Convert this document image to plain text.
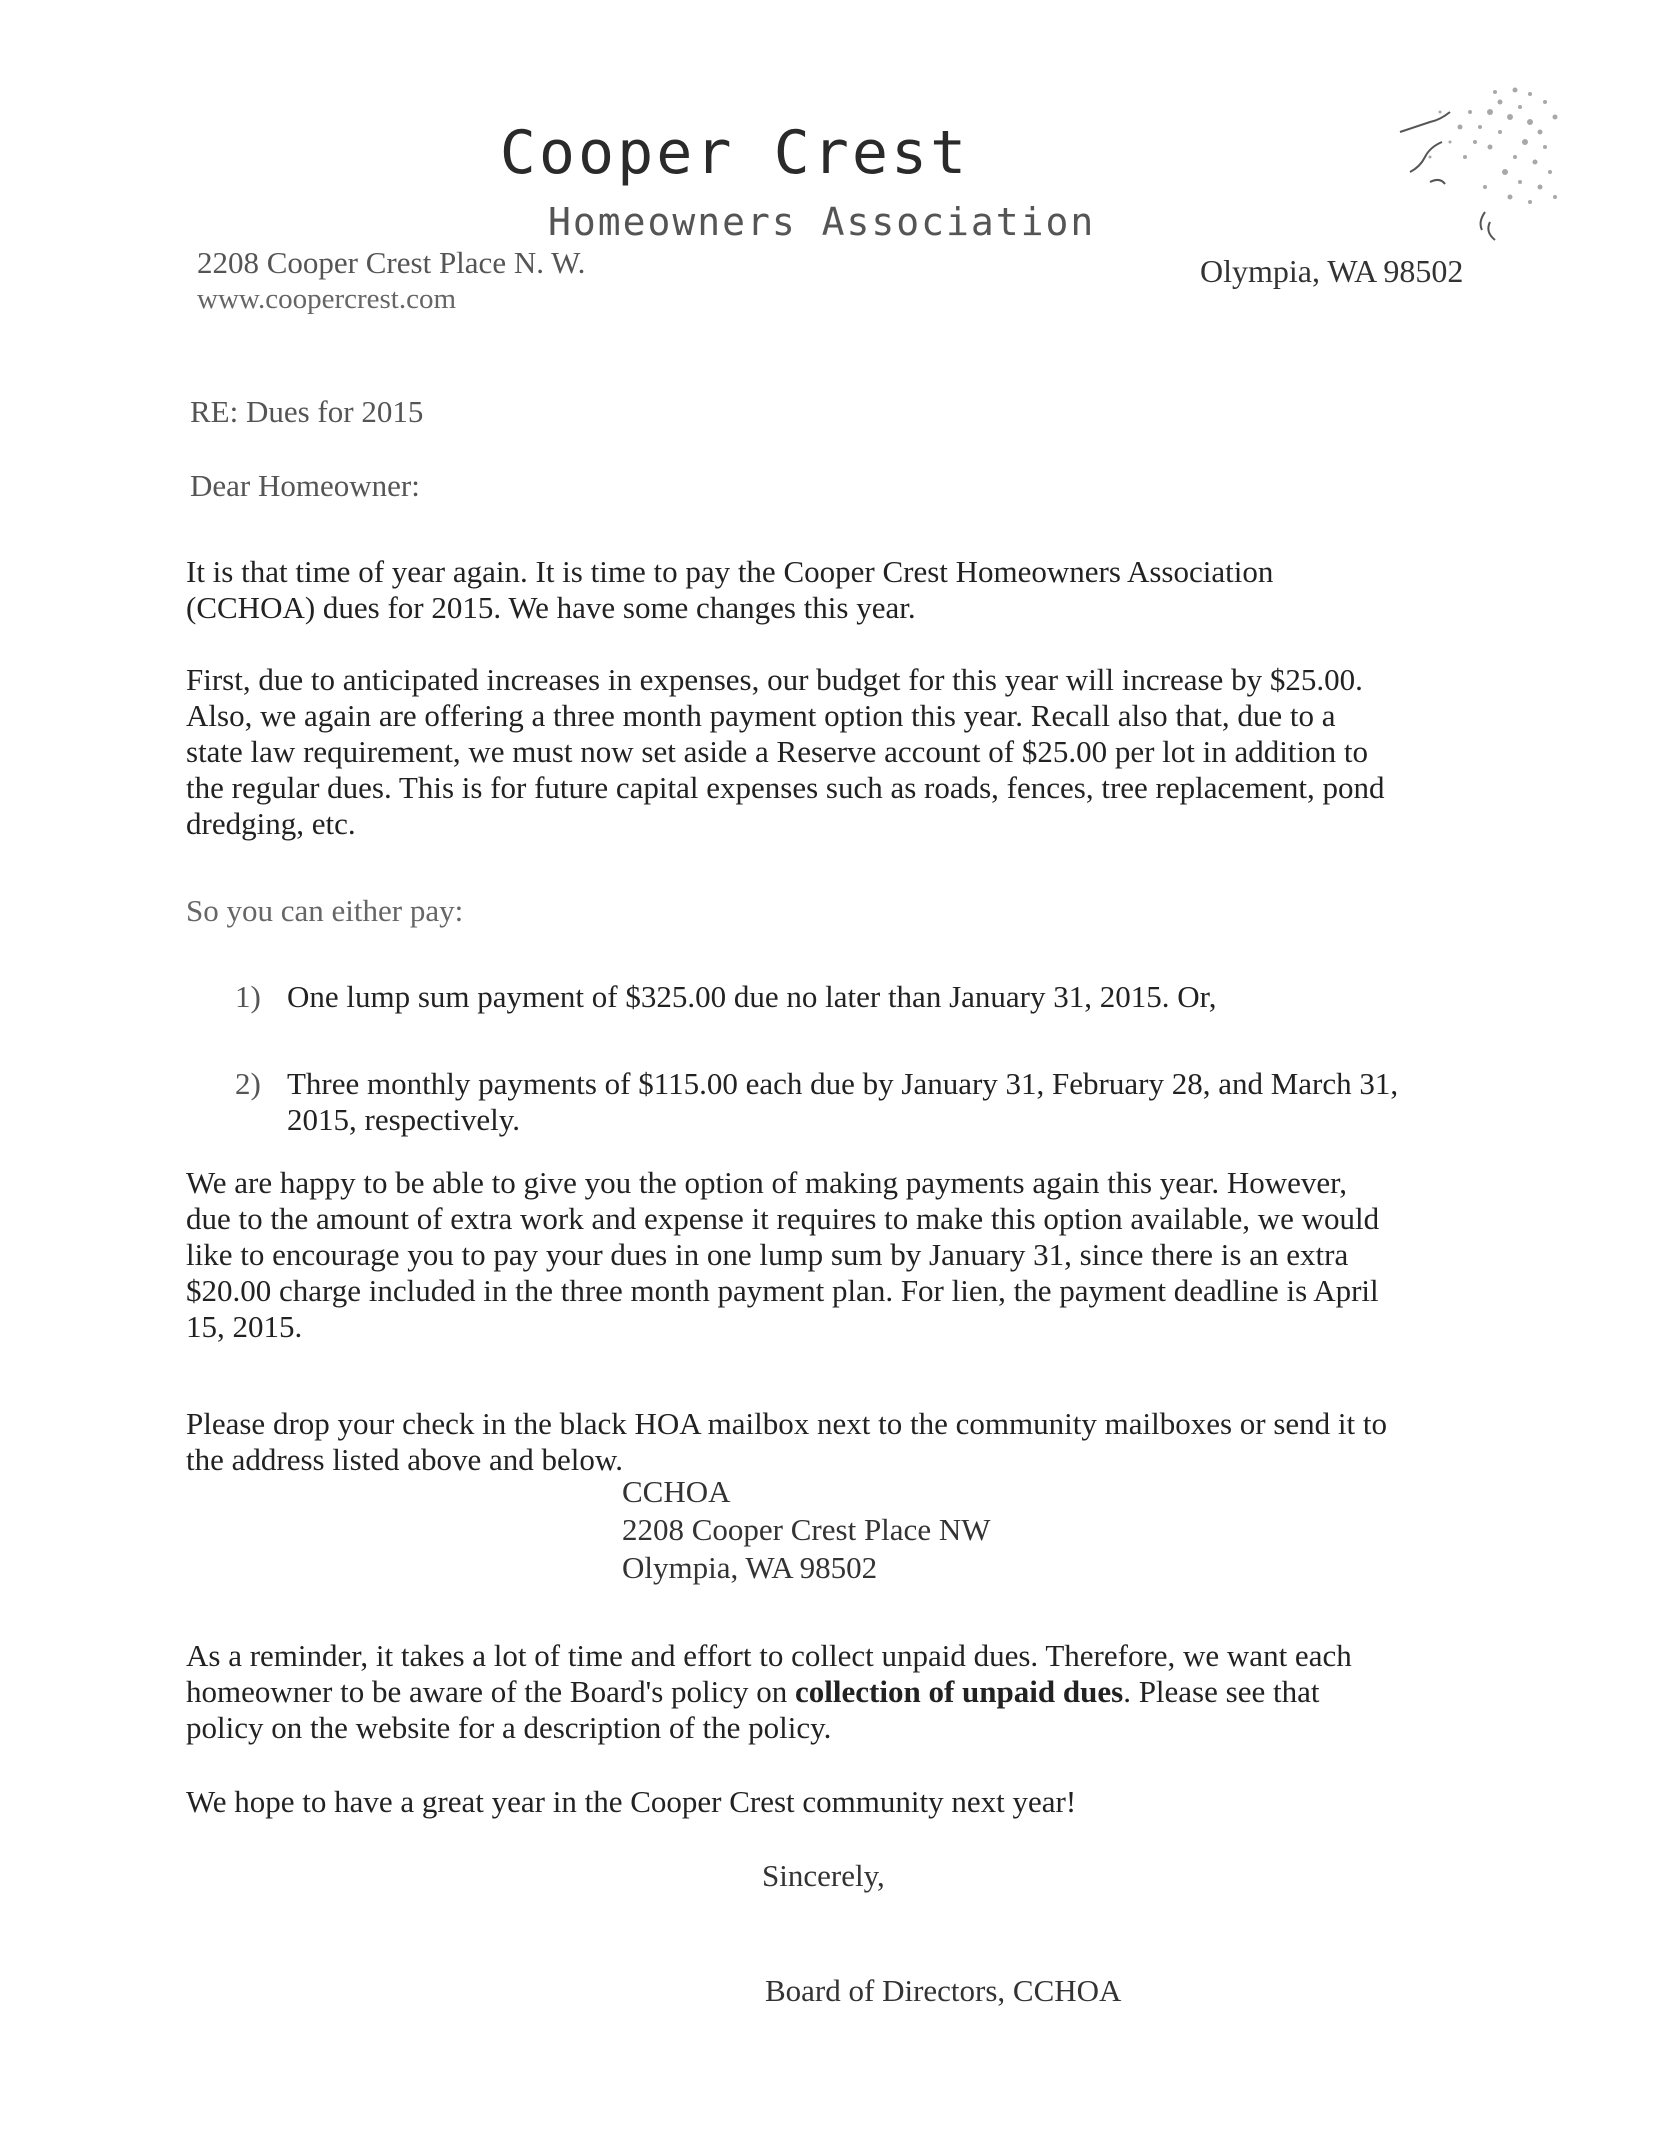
Cooper Crest
Homeowners Association
2208 Cooper Crest Place N. W.
www.coopercrest.com
Olympia, WA 98502
RE: Dues for 2015
Dear Homeowner:
It is that time of year again. It is time to pay the Cooper Crest Homeowners Association
(CCHOA) dues for 2015. We have some changes this year.
First, due to anticipated increases in expenses, our budget for this year will increase by $25.00.
Also, we again are offering a three month payment option this year. Recall also that, due to a
state law requirement, we must now set aside a Reserve account of $25.00 per lot in addition to
the regular dues. This is for future capital expenses such as roads, fences, tree replacement, pond
dredging, etc.
So you can either pay:
1) One lump sum payment of $325.00 due no later than January 31, 2015. Or,
2) Three monthly payments of $115.00 each due by January 31, February 28, and March 31,
2015, respectively.
We are happy to be able to give you the option of making payments again this year. However,
due to the amount of extra work and expense it requires to make this option available, we would
like to encourage you to pay your dues in one lump sum by January 31, since there is an extra
$20.00 charge included in the three month payment plan. For lien, the payment deadline is April
15, 2015.
Please drop your check in the black HOA mailbox next to the community mailboxes or send it to
the address listed above and below.
CCHOA
2208 Cooper Crest Place NW
Olympia, WA 98502
As a reminder, it takes a lot of time and effort to collect unpaid dues. Therefore, we want each
homeowner to be aware of the Board's policy on collection of unpaid dues. Please see that
policy on the website for a description of the policy.
We hope to have a great year in the Cooper Crest community next year!
Sincerely,
Board of Directors, CCHOA
